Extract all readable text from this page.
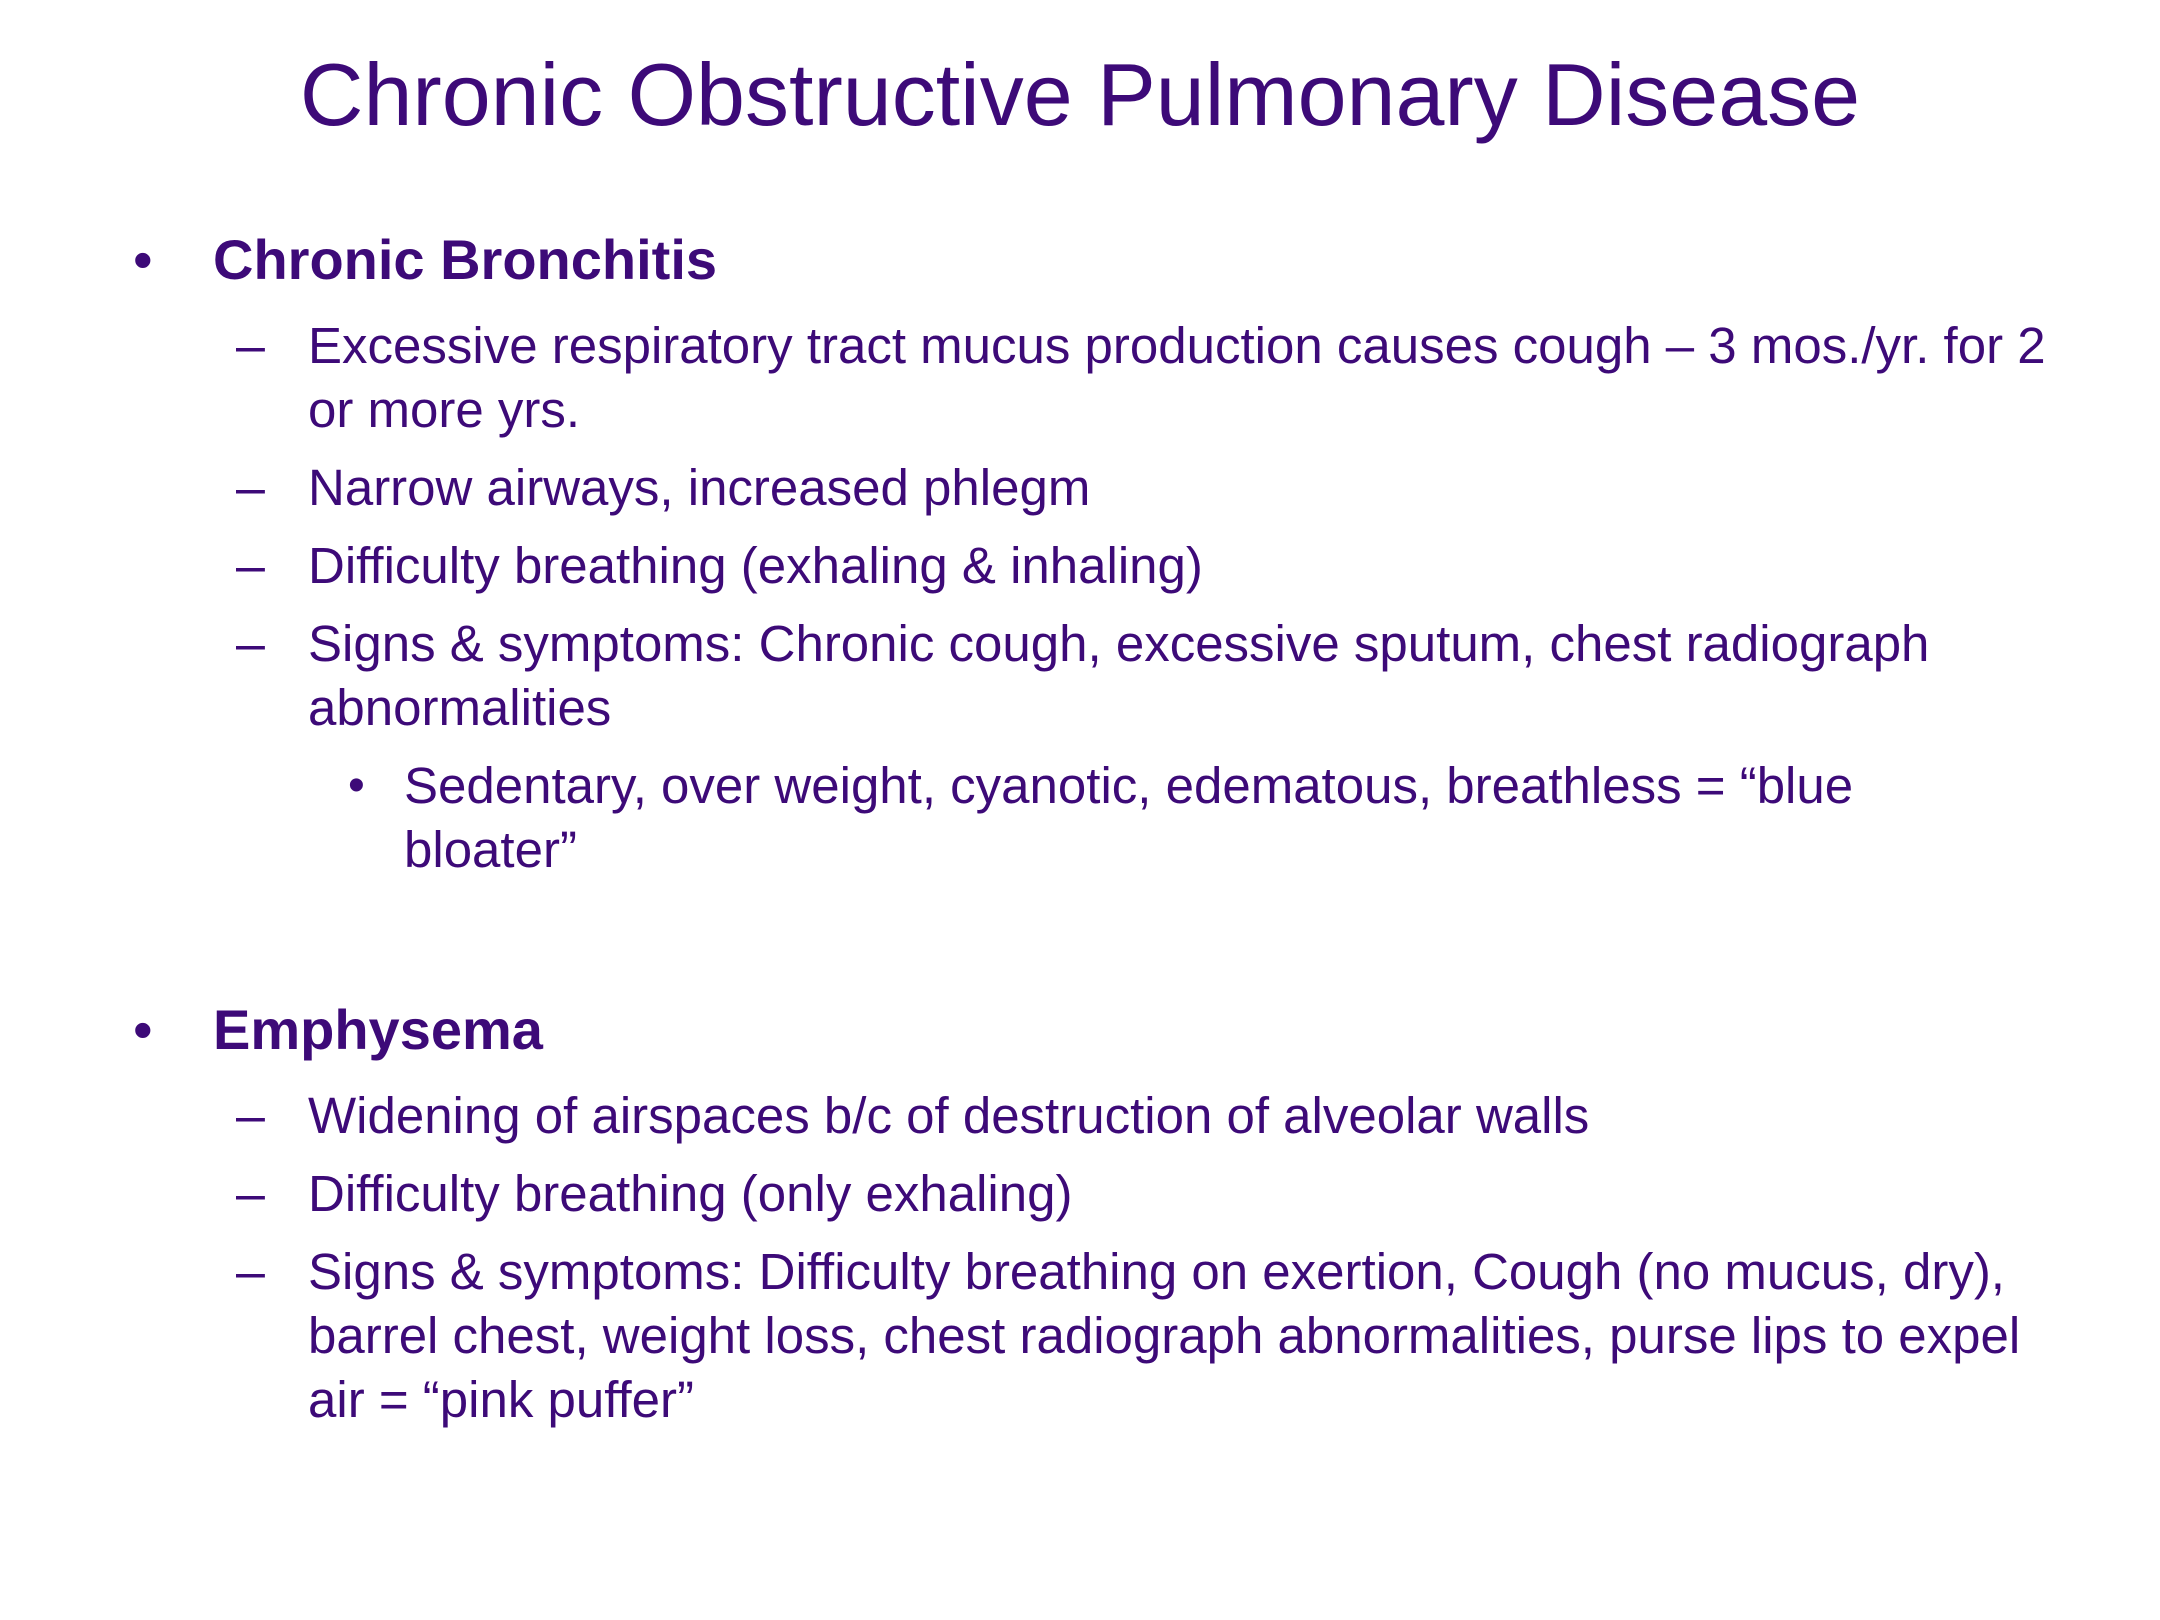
Chronic Obstructive Pulmonary Disease
• Chronic Bronchitis
– Excessive respiratory tract mucus production causes cough – 3 mos./yr. for 2 or more yrs.
– Narrow airways, increased phlegm
– Difficulty breathing (exhaling & inhaling)
– Signs & symptoms: Chronic cough, excessive sputum, chest radiograph abnormalities
• Sedentary, over weight, cyanotic, edematous, breathless = “blue bloater”
• Emphysema
– Widening of airspaces b/c of destruction of alveolar walls
– Difficulty breathing (only exhaling)
– Signs & symptoms: Difficulty breathing on exertion, Cough (no mucus, dry), barrel chest, weight loss, chest radiograph abnormalities, purse lips to expel air = “pink puffer”
